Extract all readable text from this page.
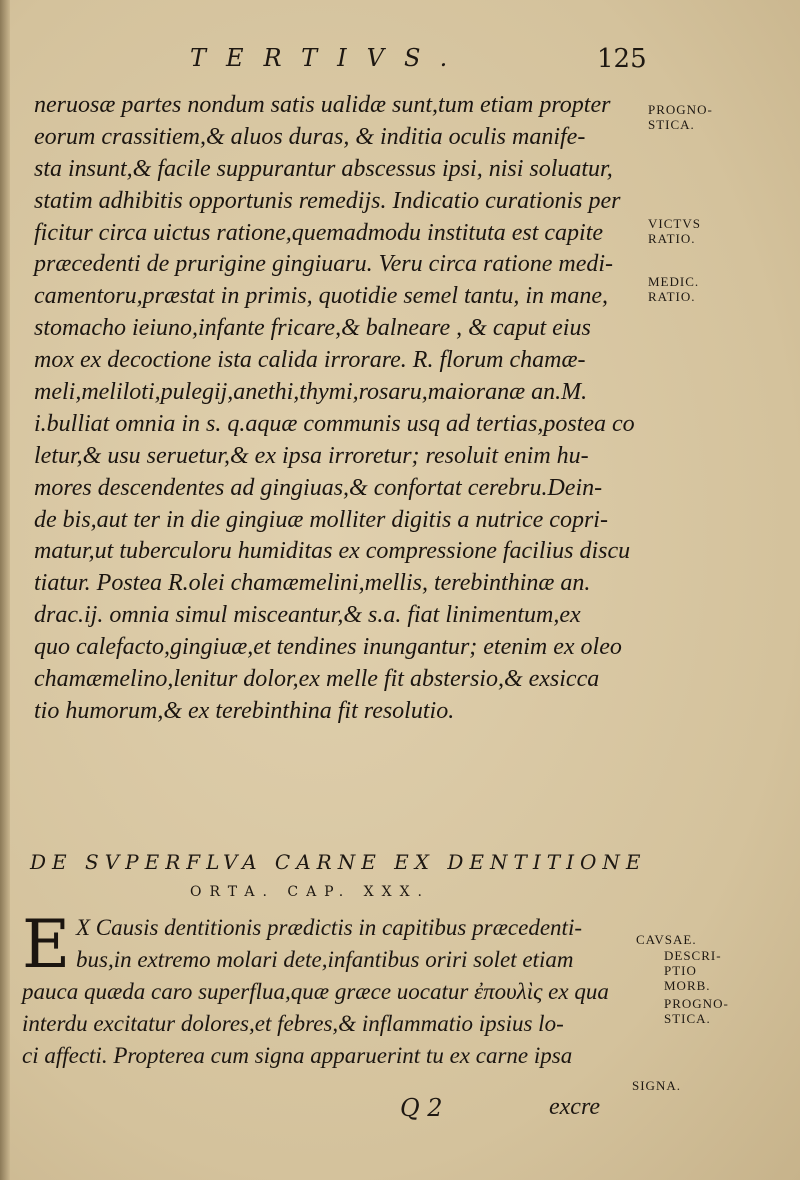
TERTIVS.	125
neruosæ partes nondum satis ualidæ sunt,tum etiam propter
eorum crassitiem,& aluos duras, & inditia oculis manife-
sta insunt,& facile suppurantur abscessus ipsi, nisi soluatur,
statim adhibitis opportunis remedijs. Indicatio curationis per
ficitur circa uictus ratione,quemadmodu instituta est capite
præcedenti de prurigine gingiuaru. Veru circa ratione medi-
camentoru,præstat in primis, quotidie semel tantu, in mane,
stomacho ieiuno,infante fricare,& balneare , & caput eius
mox ex decoctione ista calida irrorare. R. florum chamæ-
meli,meliloti,pulegij,anethi,thymi,rosaru,maioranæ an.M.
i.bulliat omnia in s. q.aquæ communis usq ad tertias,postea co
letur,& usu seruetur,& ex ipsa irroretur; resoluit enim hu-
mores descendentes ad gingiuas,& confortat cerebru.Dein-
de bis,aut ter in die gingiuæ molliter digitis a nutrice copri-
matur,ut tuberculoru humiditas ex compressione facilius discu
tiatur. Postea R.olei chamæmelini,mellis, terebinthinæ an.
drac.ij. omnia simul misceantur,& s.a. fiat linimentum,ex
quo calefacto,gingiuæ,et tendines inungantur; etenim ex oleo
chamæmelino,lenitur dolor,ex melle fit abstersio,& exsicca
tio humorum,& ex terebinthina fit resolutio.
PROGNO-
STICA.
VICTVS
RATIO.
MEDIC.
RATIO.
CAVSAE.
DESCRI-
PTIO
MORB.
PROGNO-
STICA.
SIGNA.
DE SVPERFLVA CARNE EX DENTITIONE
ORTA. CAP. XXX.
E X Causis dentitionis prædictis in capitibus præcedenti-
bus,in extremo molari dete,infantibus oriri solet etiam
pauca quæda caro superflua,quæ græce uocatur ἐπουλὶς ex qua
interdu excitatur dolores,et febres,& inflammatio ipsius lo-
ci affecti. Propterea cum signa apparuerint tu ex carne ipsa
Q 2	excre
